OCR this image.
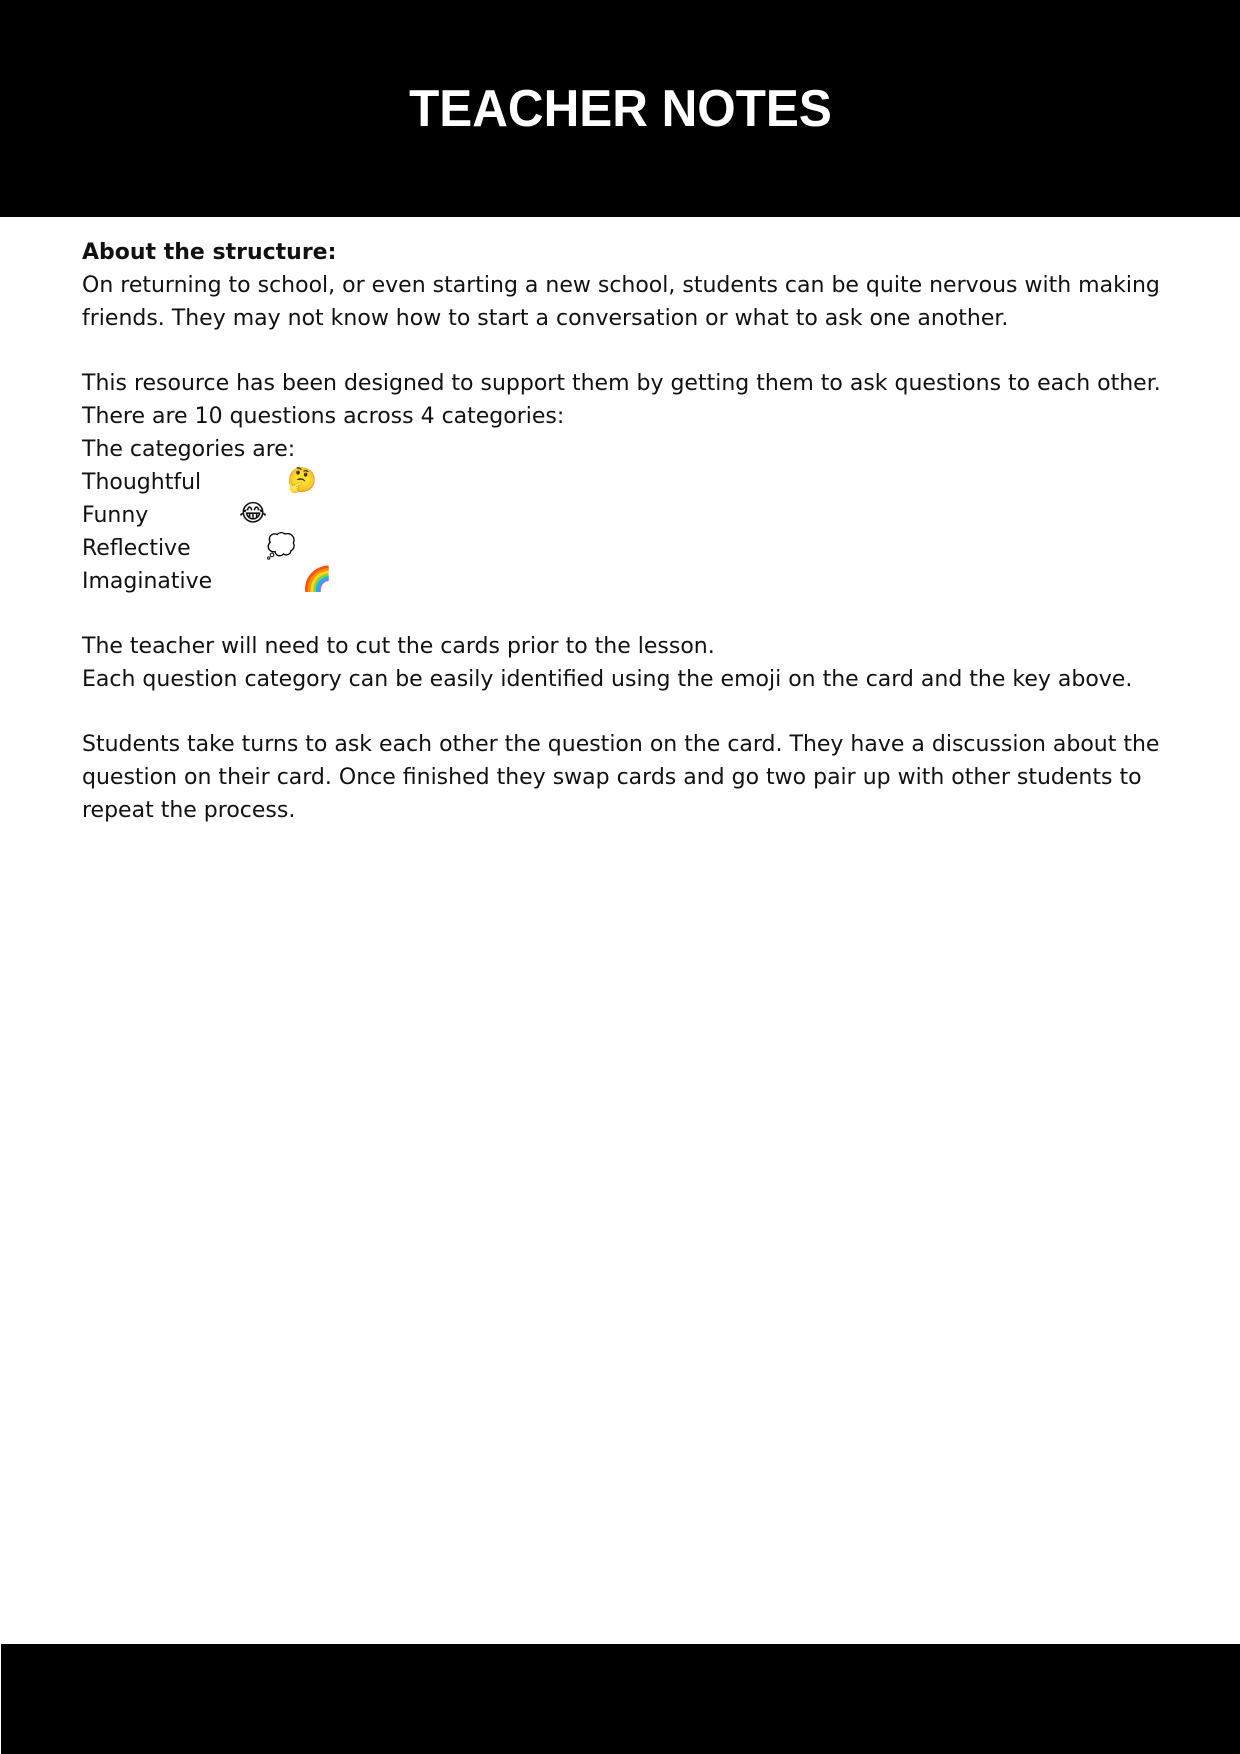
TEACHER NOTES

About the structure:

On returning to school, or even starting a new school, students can be quite nervous with making friends. They may not know how to start a conversation or what to ask one another.

This resource has been designed to support them by getting them to ask questions to each other. There are 10 questions across 4 categories:

The categories are:

Thoughtful	🤔
Funny	😂
Reflective	💭
Imaginative	🌈

The teacher will need to cut the cards prior to the lesson.

Each question category can be easily identified using the emoji on the card and the key above.

Students take turns to ask each other the question on the card. They have a discussion about the question on their card. Once finished they swap cards and go two pair up with other students to repeat the process.
